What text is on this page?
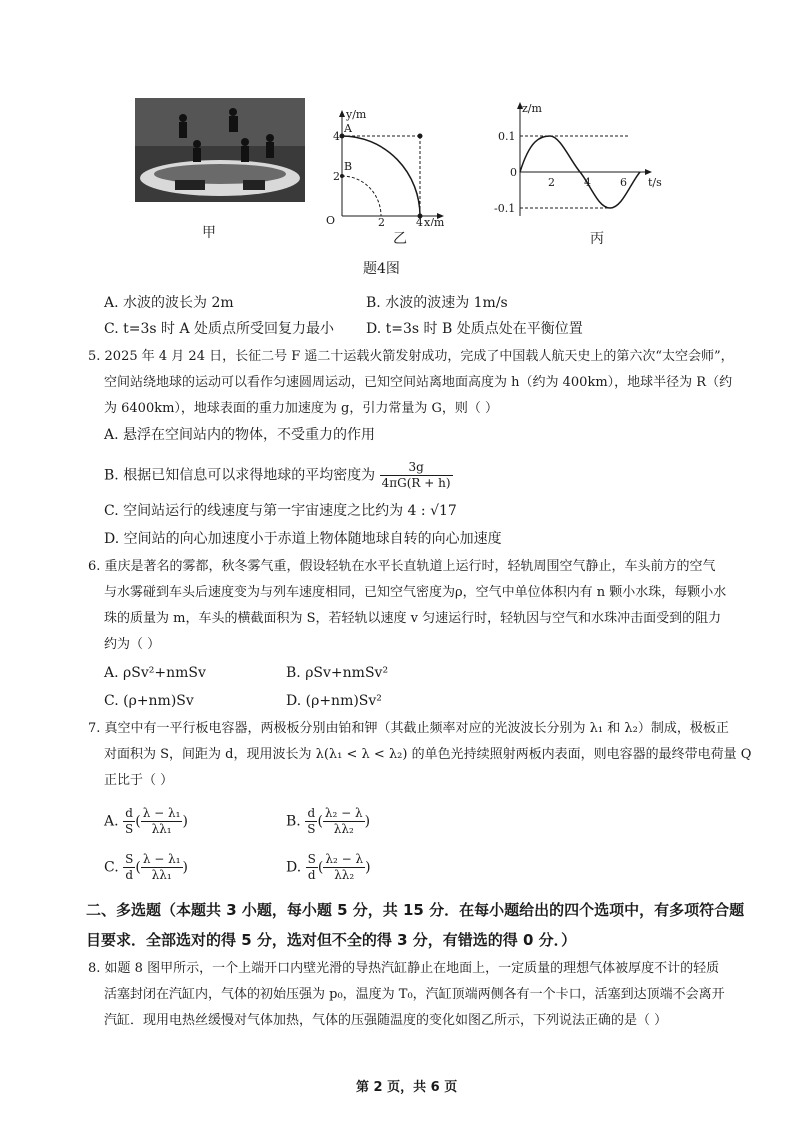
甲
y/m
x/m
O
4
2
2	4
A
B
乙
z/m
t/s
0
0.1
-0.1
2	4	6
丙
题4图
A. 水波的波长为 2m	B. 水波的波速为 1m/s
C. t=3s 时 A 处质点所受回复力最小 D. t=3s 时 B 处质点处在平衡位置
5. 2025 年 4 月 24 日，长征二号 F 遥二十运载火箭发射成功，完成了中国载人航天史上的第六次“太空会师”，
空间站绕地球的运动可以看作匀速圆周运动，已知空间站离地面高度为 h（约为 400km），地球半径为 R（约
为 6400km），地球表面的重力加速度为 g，引力常量为 G，则（ ）
A. 悬浮在空间站内的物体，不受重力的作用
B. 根据已知信息可以求得地球的平均密度为 $\frac{3g}{4\pi G(R + h)}$
C. 空间站运行的线速度与第一宇宙速度之比约为 4 : √17
D. 空间站的向心加速度小于赤道上物体随地球自转的向心加速度
6. 重庆是著名的雾都，秋冬雾气重，假设轻轨在水平长直轨道上运行时，轻轨周围空气静止，车头前方的空气
与水雾碰到车头后速度变为与列车速度相同，已知空气密度为ρ，空气中单位体积内有 n 颗小水珠，每颗小水
珠的质量为 m，车头的横截面积为 S，若轻轨以速度 v 匀速运行时，轻轨因与空气和水珠冲击面受到的阻力
约为（ ）
A. ρSv²+nmSv	B. ρSv+nmSv²
C. (ρ+nm)Sv	D. (ρ+nm)Sv²
7. 真空中有一平行板电容器，两极板分别由铂和钾（其截止频率对应的光波波长分别为 λ₁ 和 λ₂）制成，极板正
对面积为 S，间距为 d，现用波长为 λ(λ₁ < λ < λ₂) 的单色光持续照射两板内表面，则电容器的最终带电荷量 Q
正比于（ ）
A. $\frac{d}{S}$ ( $\frac{\text{λ − λ₁}}{\text{λλ₁}}$ )	B. $\frac{d}{S}$ ( $\frac{\text{λ₂ − λ}}{\text{λλ₂}}$ )
C. $\frac{S}{d}$ ( $\frac{\text{λ − λ₁}}{\text{λλ₁}}$ )	D. $\frac{S}{d}$ ( $\frac{\text{λ₂ − λ}}{\text{λλ₂}}$ )
二、多选题（本题共 3 小题，每小题 5 分，共 15 分．在每小题给出的四个选项中，有多项符合题
目要求．全部选对的得 5 分，选对但不全的得 3 分，有错选的得 0 分．）
8. 如题 8 图甲所示，一个上端开口内壁光滑的导热汽缸静止在地面上，一定质量的理想气体被厚度不计的轻质
活塞封闭在汽缸内，气体的初始压强为 p₀，温度为 T₀，汽缸顶端两侧各有一个卡口，活塞到达顶端不会离开
汽缸．现用电热丝缓慢对气体加热，气体的压强随温度的变化如图乙所示，下列说法正确的是（ ）
第 2 页，共 6 页
